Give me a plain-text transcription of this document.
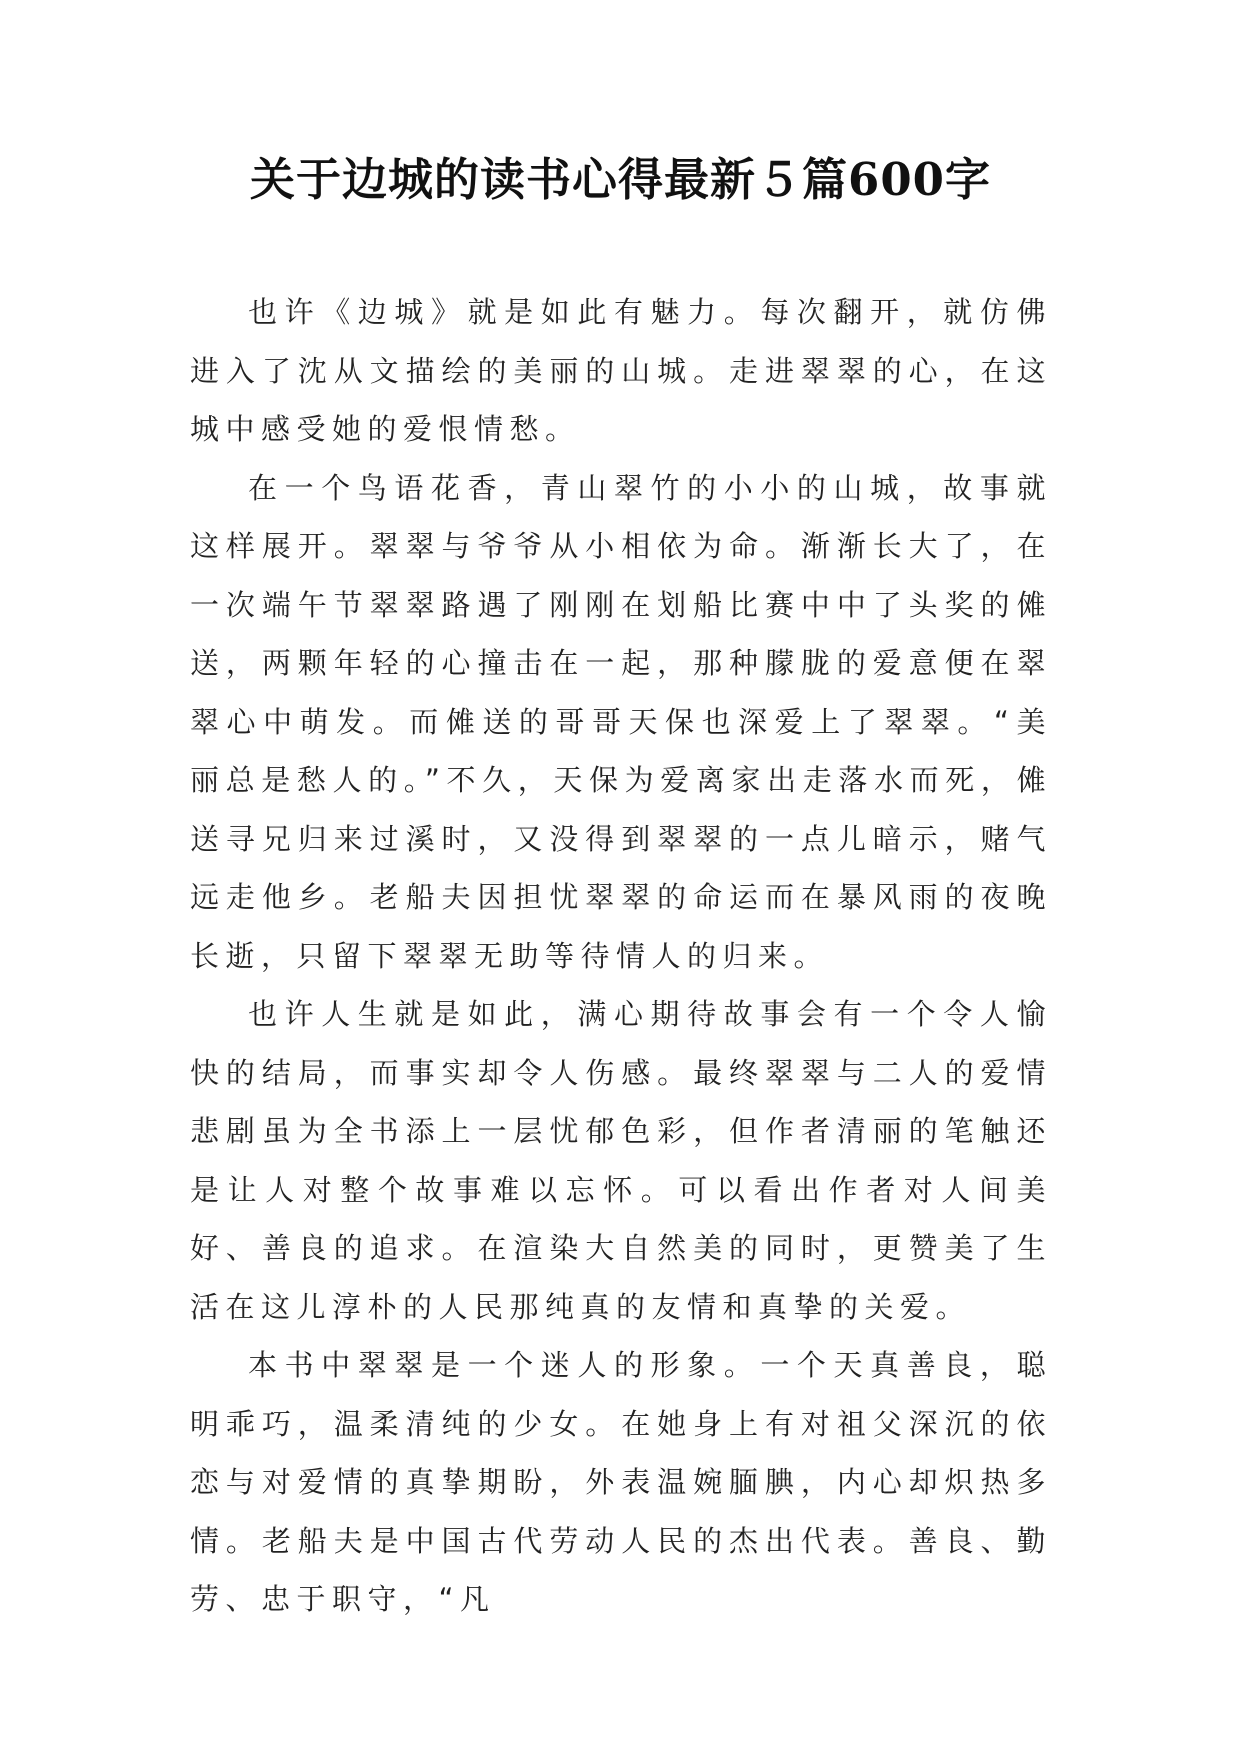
关于边城的读书心得最新５篇600字

也许《边城》就是如此有魅力。每次翻开，就仿佛进入了沈从文描绘的美丽的山城。走进翠翠的心，在这城中感受她的爱恨情愁。

在一个鸟语花香，青山翠竹的小小的山城，故事就这样展开。翠翠与爷爷从小相依为命。渐渐长大了，在一次端午节翠翠路遇了刚刚在划船比赛中中了头奖的傩送，两颗年轻的心撞击在一起，那种朦胧的爱意便在翠翠心中萌发。而傩送的哥哥天保也深爱上了翠翠。“美丽总是愁人的。”不久，天保为爱离家出走落水而死，傩送寻兄归来过溪时，又没得到翠翠的一点儿暗示，赌气远走他乡。老船夫因担忧翠翠的命运而在暴风雨的夜晚长逝，只留下翠翠无助等待情人的归来。

也许人生就是如此，满心期待故事会有一个令人愉快的结局，而事实却令人伤感。最终翠翠与二人的爱情悲剧虽为全书添上一层忧郁色彩，但作者清丽的笔触还是让人对整个故事难以忘怀。可以看出作者对人间美好、善良的追求。在渲染大自然美的同时，更赞美了生活在这儿淳朴的人民那纯真的友情和真挚的关爱。

本书中翠翠是一个迷人的形象。一个天真善良，聪明乖巧，温柔清纯的少女。在她身上有对祖父深沉的依恋与对爱情的真挚期盼，外表温婉腼腆，内心却炽热多情。老船夫是中国古代劳动人民的杰出代表。善良、勤劳、忠于职守，“凡
